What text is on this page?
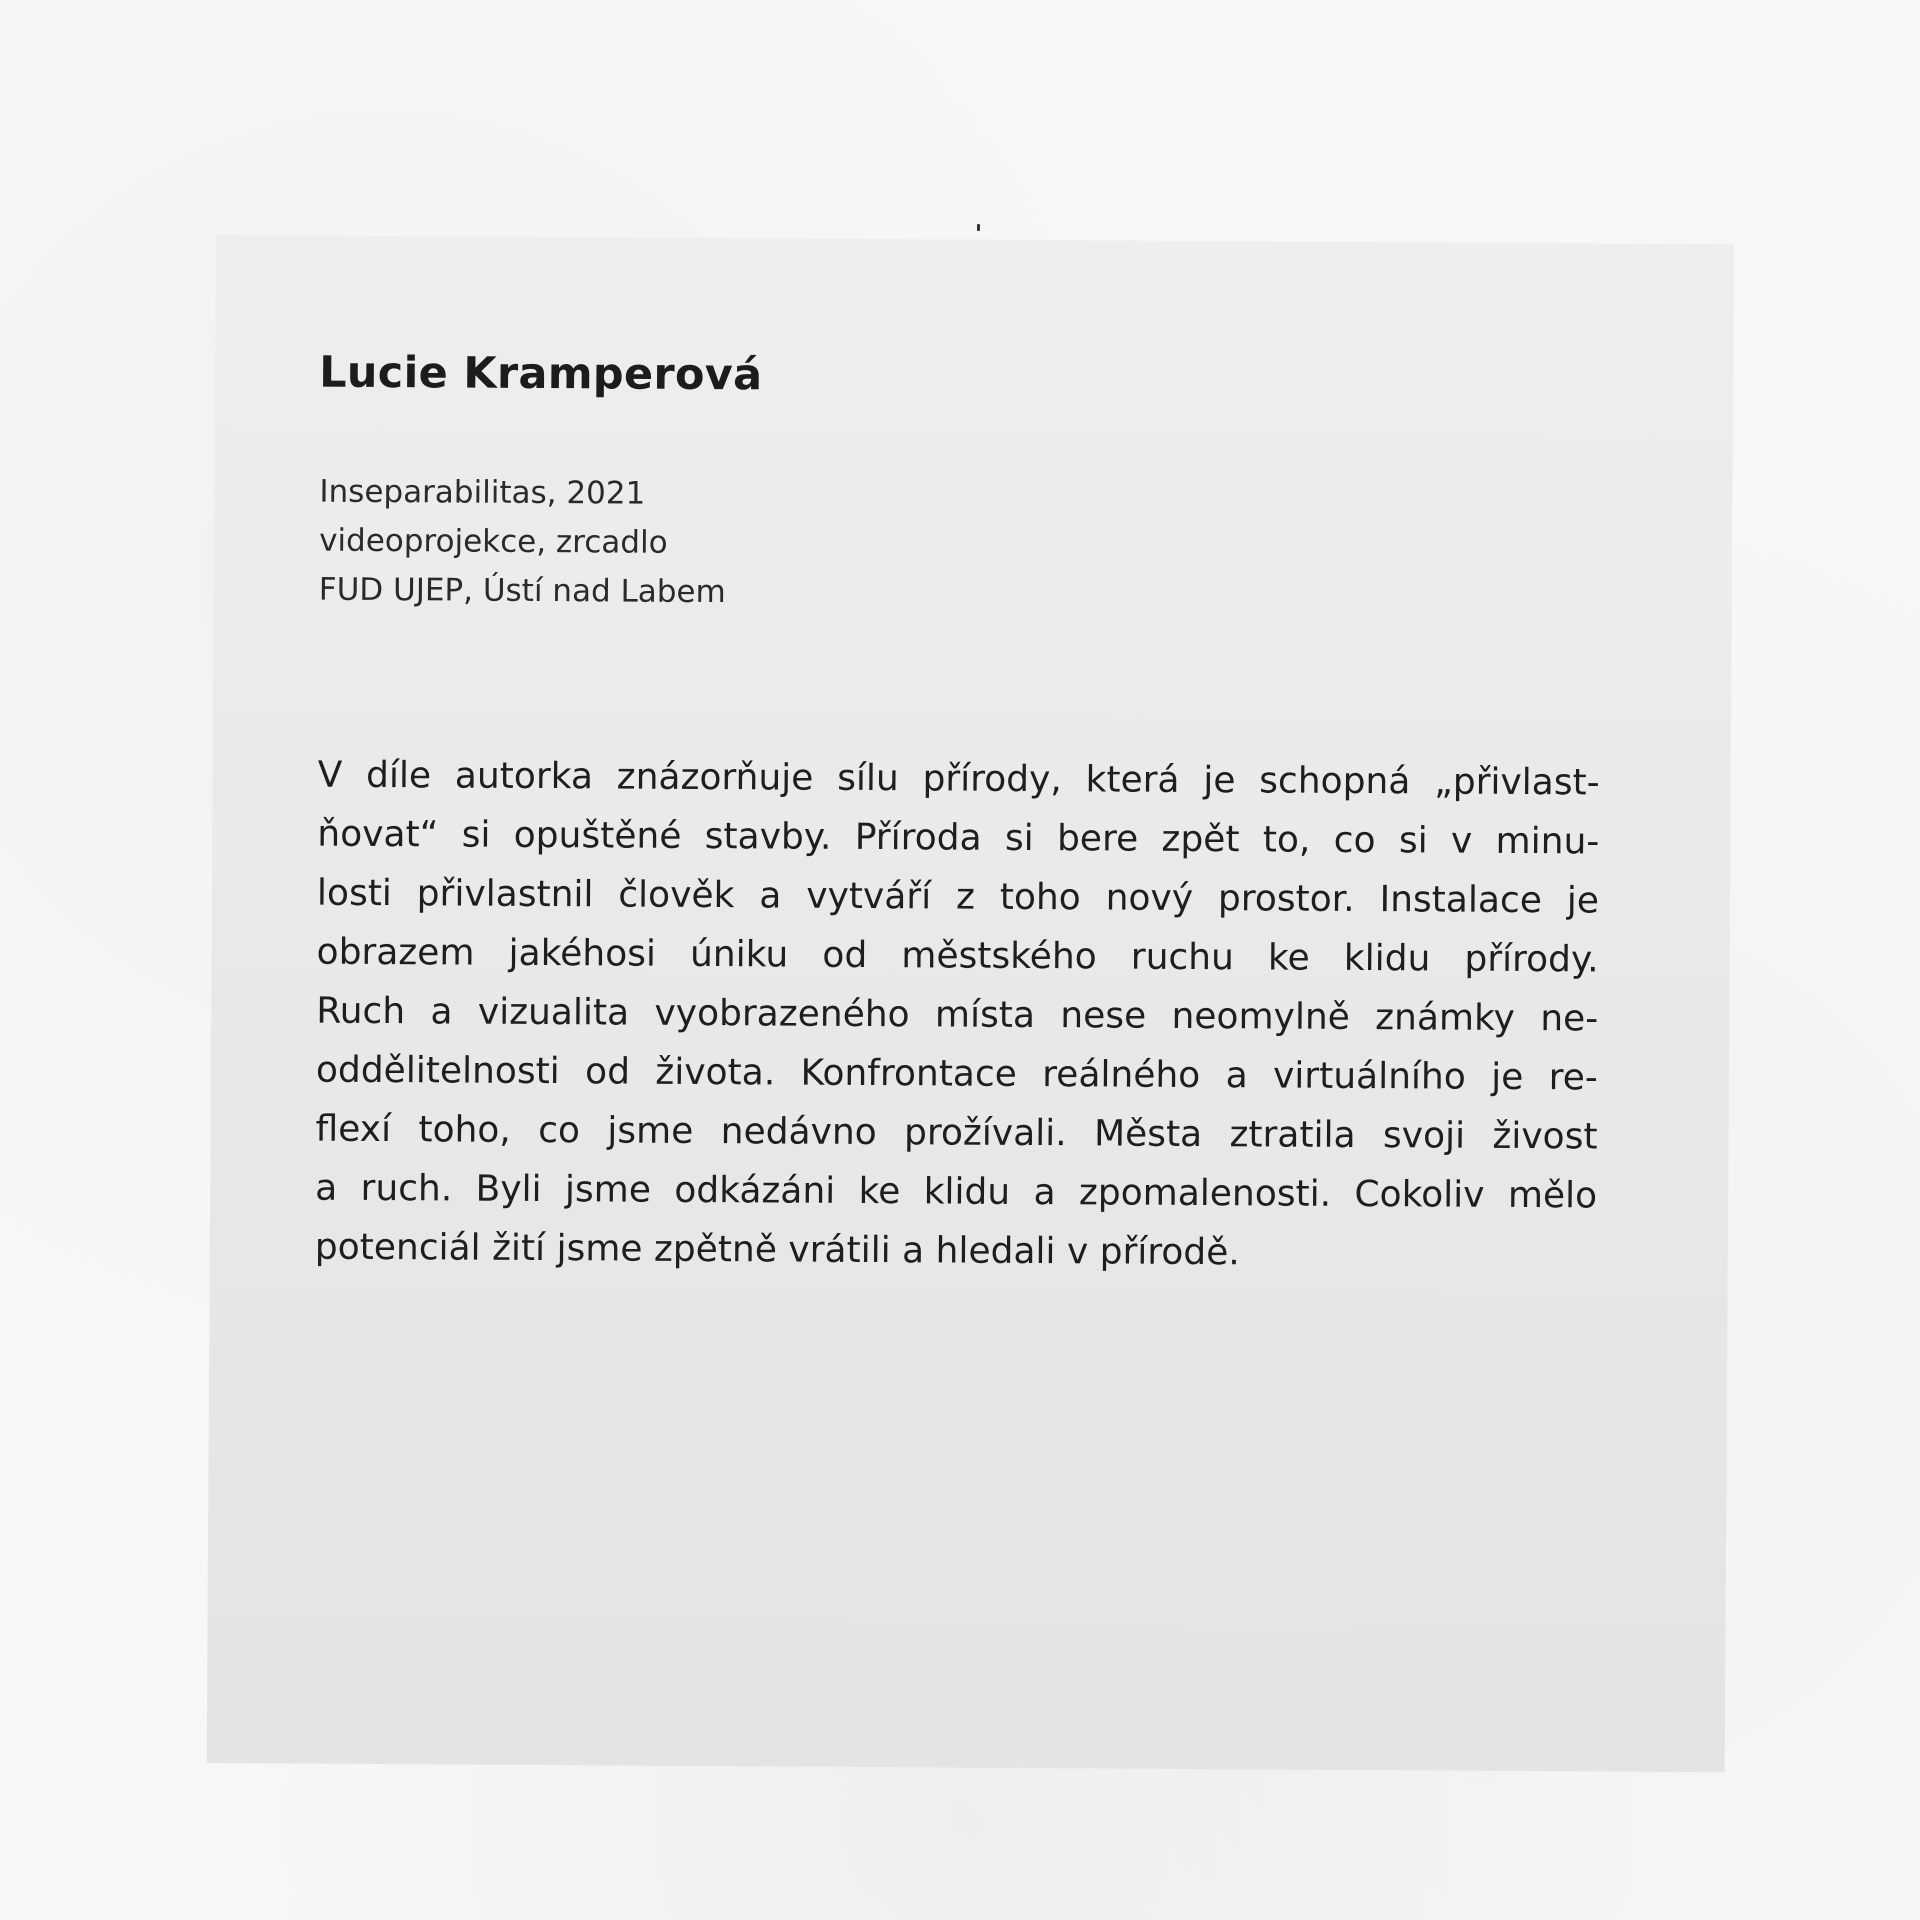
Lucie Kramperová
Inseparabilitas, 2021
videoprojekce, zrcadlo
FUD UJEP, Ústí nad Labem
V díle autorka znázorňuje sílu přírody, která je schopná „přivlast-
ňovat“ si opuštěné stavby. Příroda si bere zpět to, co si v minu-
losti přivlastnil člověk a vytváří z toho nový prostor. Instalace je
obrazem jakéhosi úniku od městského ruchu ke klidu přírody.
Ruch a vizualita vyobrazeného místa nese neomylně známky ne-
oddělitelnosti od života. Konfrontace reálného a virtuálního je re-
flexí toho, co jsme nedávno prožívali. Města ztratila svoji živost
a ruch. Byli jsme odkázáni ke klidu a zpomalenosti. Cokoliv mělo
potenciál žití jsme zpětně vrátili a hledali v přírodě.
